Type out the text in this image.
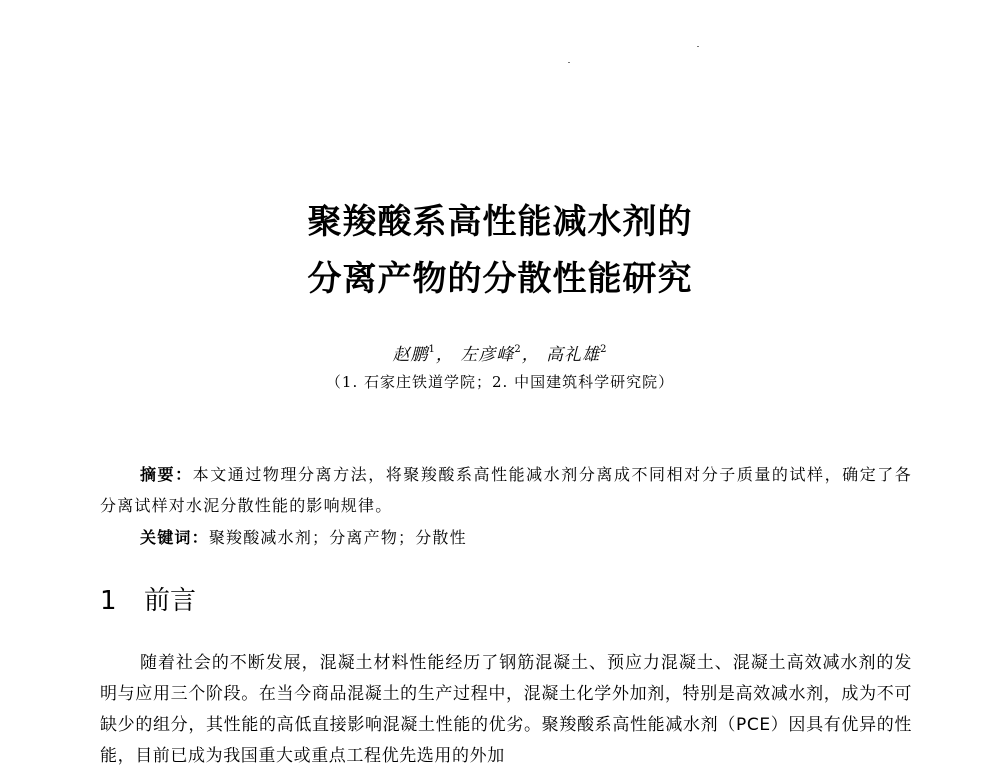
聚羧酸系高性能减水剂的
分离产物的分散性能研究
赵鹏$^1$， 左彦峰$^2$， 高礼雄$^2$
（1. 石家庄铁道学院；2. 中国建筑科学研究院）
摘要：本文通过物理分离方法，将聚羧酸系高性能减水剂分离成不同相对分子质量的试样，确定了各分离试样对水泥分散性能的影响规律。
关键词：聚羧酸减水剂；分离产物；分散性
1 前言
随着社会的不断发展，混凝土材料性能经历了钢筋混凝土、预应力混凝土、混凝土高效减水剂的发明与应用三个阶段。在当今商品混凝土的生产过程中，混凝土化学外加剂，特别是高效减水剂，成为不可缺少的组分，其性能的高低直接影响混凝土性能的优劣。聚羧酸系高性能减水剂（PCE）因具有优异的性能，目前已成为我国重大或重点工程优先选用的外加
